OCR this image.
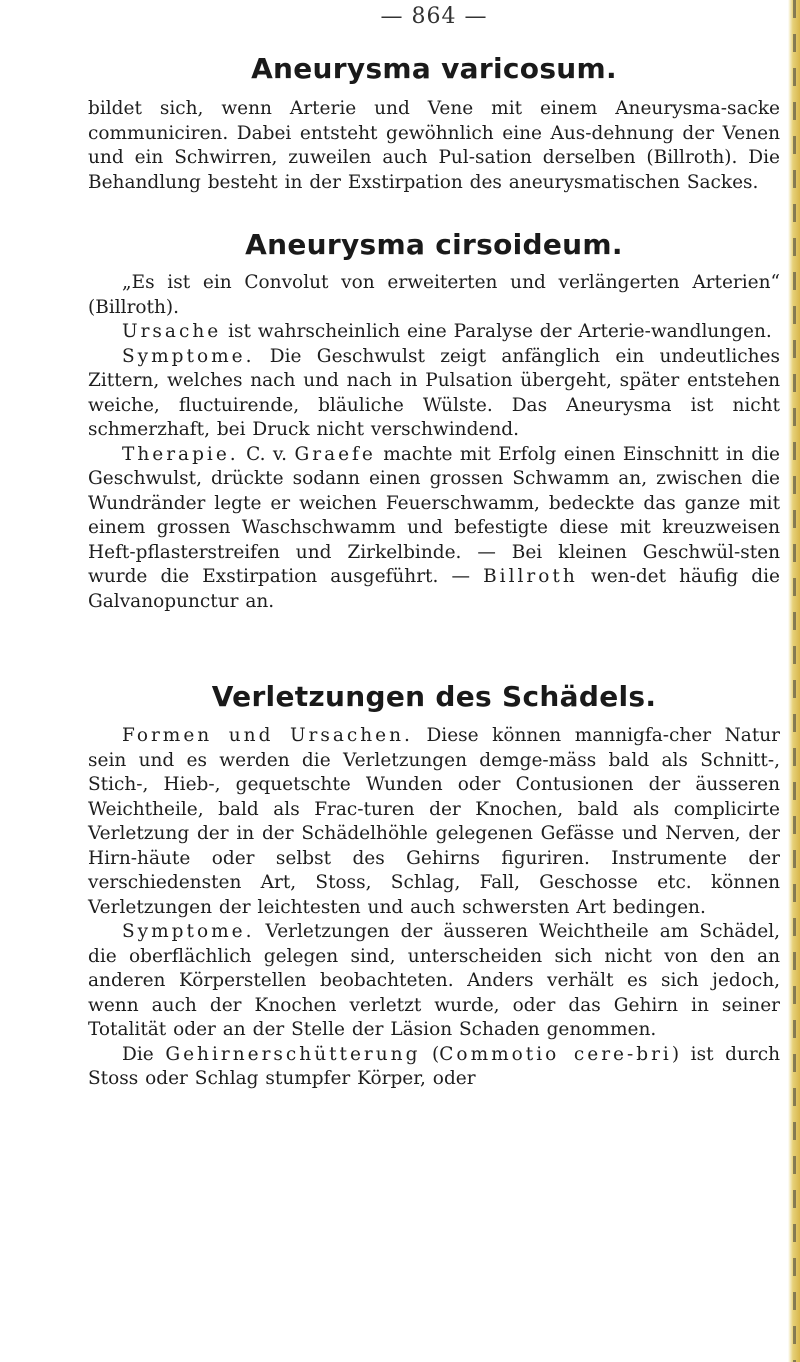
— 864 —
Aneurysma varicosum.

bildet sich, wenn Arterie und Vene mit einem Aneurysma-sacke communiciren. Dabei entsteht gewöhnlich eine Aus-dehnung der Venen und ein Schwirren, zuweilen auch Pul-sation derselben (Billroth). Die Behandlung besteht in der Exstirpation des aneurysmatischen Sackes.

Aneurysma cirsoideum.

„Es ist ein Convolut von erweiterten und verlängerten Arterien“ (Billroth).

Ursache ist wahrscheinlich eine Paralyse der Arterie-wandlungen.

Symptome. Die Geschwulst zeigt anfänglich ein undeutliches Zittern, welches nach und nach in Pulsation übergeht, später entstehen weiche, fluctuirende, bläuliche Wülste. Das Aneurysma ist nicht schmerzhaft, bei Druck nicht verschwindend.

Therapie. C. v. Graefe machte mit Erfolg einen Einschnitt in die Geschwulst, drückte sodann einen grossen Schwamm an, zwischen die Wundränder legte er weichen Feuerschwamm, bedeckte das ganze mit einem grossen Waschschwamm und befestigte diese mit kreuzweisen Heft-pflasterstreifen und Zirkelbinde. — Bei kleinen Geschwül-sten wurde die Exstirpation ausgeführt. — Billroth wen-det häufig die Galvanopunctur an.

Verletzungen des Schädels.

Formen und Ursachen. Diese können mannigfa-cher Natur sein und es werden die Verletzungen demge-mäss bald als Schnitt-, Stich-, Hieb-, gequetschte Wunden oder Contusionen der äusseren Weichtheile, bald als Frac-turen der Knochen, bald als complicirte Verletzung der in der Schädelhöhle gelegenen Gefässe und Nerven, der Hirn-häute oder selbst des Gehirns figuriren. Instrumente der verschiedensten Art, Stoss, Schlag, Fall, Geschosse etc. können Verletzungen der leichtesten und auch schwersten Art bedingen.

Symptome. Verletzungen der äusseren Weichtheile am Schädel, die oberflächlich gelegen sind, unterscheiden sich nicht von den an anderen Körperstellen beobachteten. Anders verhält es sich jedoch, wenn auch der Knochen verletzt wurde, oder das Gehirn in seiner Totalität oder an der Stelle der Läsion Schaden genommen.

Die Gehirnerschütterung (Commotio cere-bri) ist durch Stoss oder Schlag stumpfer Körper, oder
